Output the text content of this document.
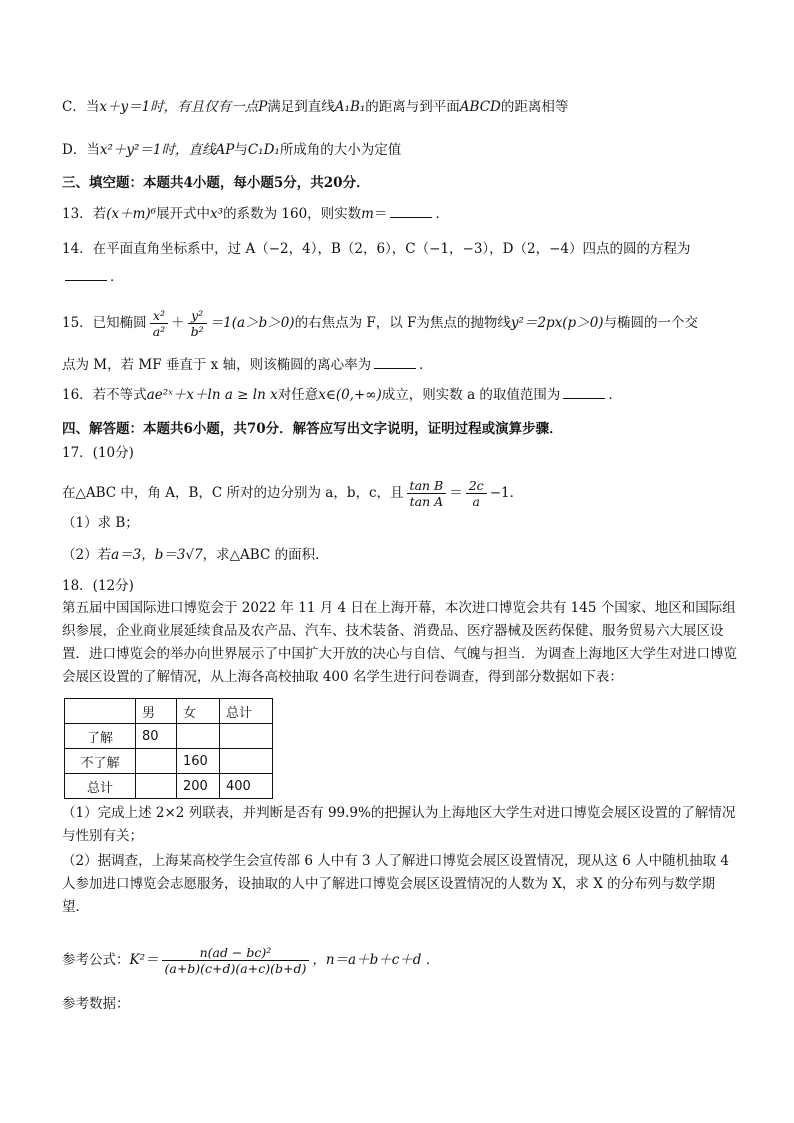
C．当x＋y＝1时，有且仅有一点P满足到直线A₁B₁的距离与到平面ABCD的距离相等
D．当x²＋y²＝1时，直线AP与C₁D₁所成角的大小为定值
三、填空题：本题共4小题，每小题5分，共20分．
13．若(x＋m)⁶展开式中x³的系数为 160，则实数m＝	．
14．在平面直角坐标系中，过 A（−2，4），B（2，6），C（−1，−3），D（2，−4）四点的圆的方程为
．
15．已知椭圆 $\frac{\text{x²}}{\text{a²}} + \frac{\text{y²}}{\text{b²}} =1(a>b>0)$的右焦点为 F，以 F为焦点的抛物线y²＝2px(p＞0)与椭圆的一个交
点为 M，若 MF 垂直于 x 轴，则该椭圆的离心率为	．
16．若不等式ae²ˣ＋x＋ln a ≥ ln x对任意x∈(0,+∞)成立，则实数 a 的取值范围为	．
四、解答题：本题共6小题，共70分．解答应写出文字说明，证明过程或演算步骤．
17．(10分)
在△ABC 中，角 A，B，C 所对的边分别为 a，b，c，且 $\frac{\text{tan B}}{\text{tan A}} = \frac{2c}{a} -1$．
（1）求 B；
（2）若a＝3，b＝3√7，求△ABC 的面积．
18．(12分)
第五届中国国际进口博览会于 2022 年 11 月 4 日在上海开幕，本次进口博览会共有 145 个国家、地区和国际组织参展，企业商业展延续食品及农产品、汽车、技术装备、消费品、医疗器械及医药保健、服务贸易六大展区设置．进口博览会的举办向世界展示了中国扩大开放的决心与自信、气魄与担当．为调查上海地区大学生对进口博览会展区设置的了解情况，从上海各高校抽取 400 名学生进行问卷调查，得到部分数据如下表：
	男	女	总计
了解	80		
不了解		160	
总计		200	400
（1）完成上述 2×2 列联表，并判断是否有 99.9%的把握认为上海地区大学生对进口博览会展区设置的了解情况与性别有关；
（2）据调查，上海某高校学生会宣传部 6 人中有 3 人了解进口博览会展区设置情况，现从这 6 人中随机抽取 4 人参加进口博览会志愿服务，设抽取的人中了解进口博览会展区设置情况的人数为 X，求 X 的分布列与数学期望．
参考公式：$K^2= \frac{\text{n(ad − bc)²}}{(a+b)(c+d)(a+c)(b+d)}$ ，n＝a＋b＋c＋d ．
参考数据：
